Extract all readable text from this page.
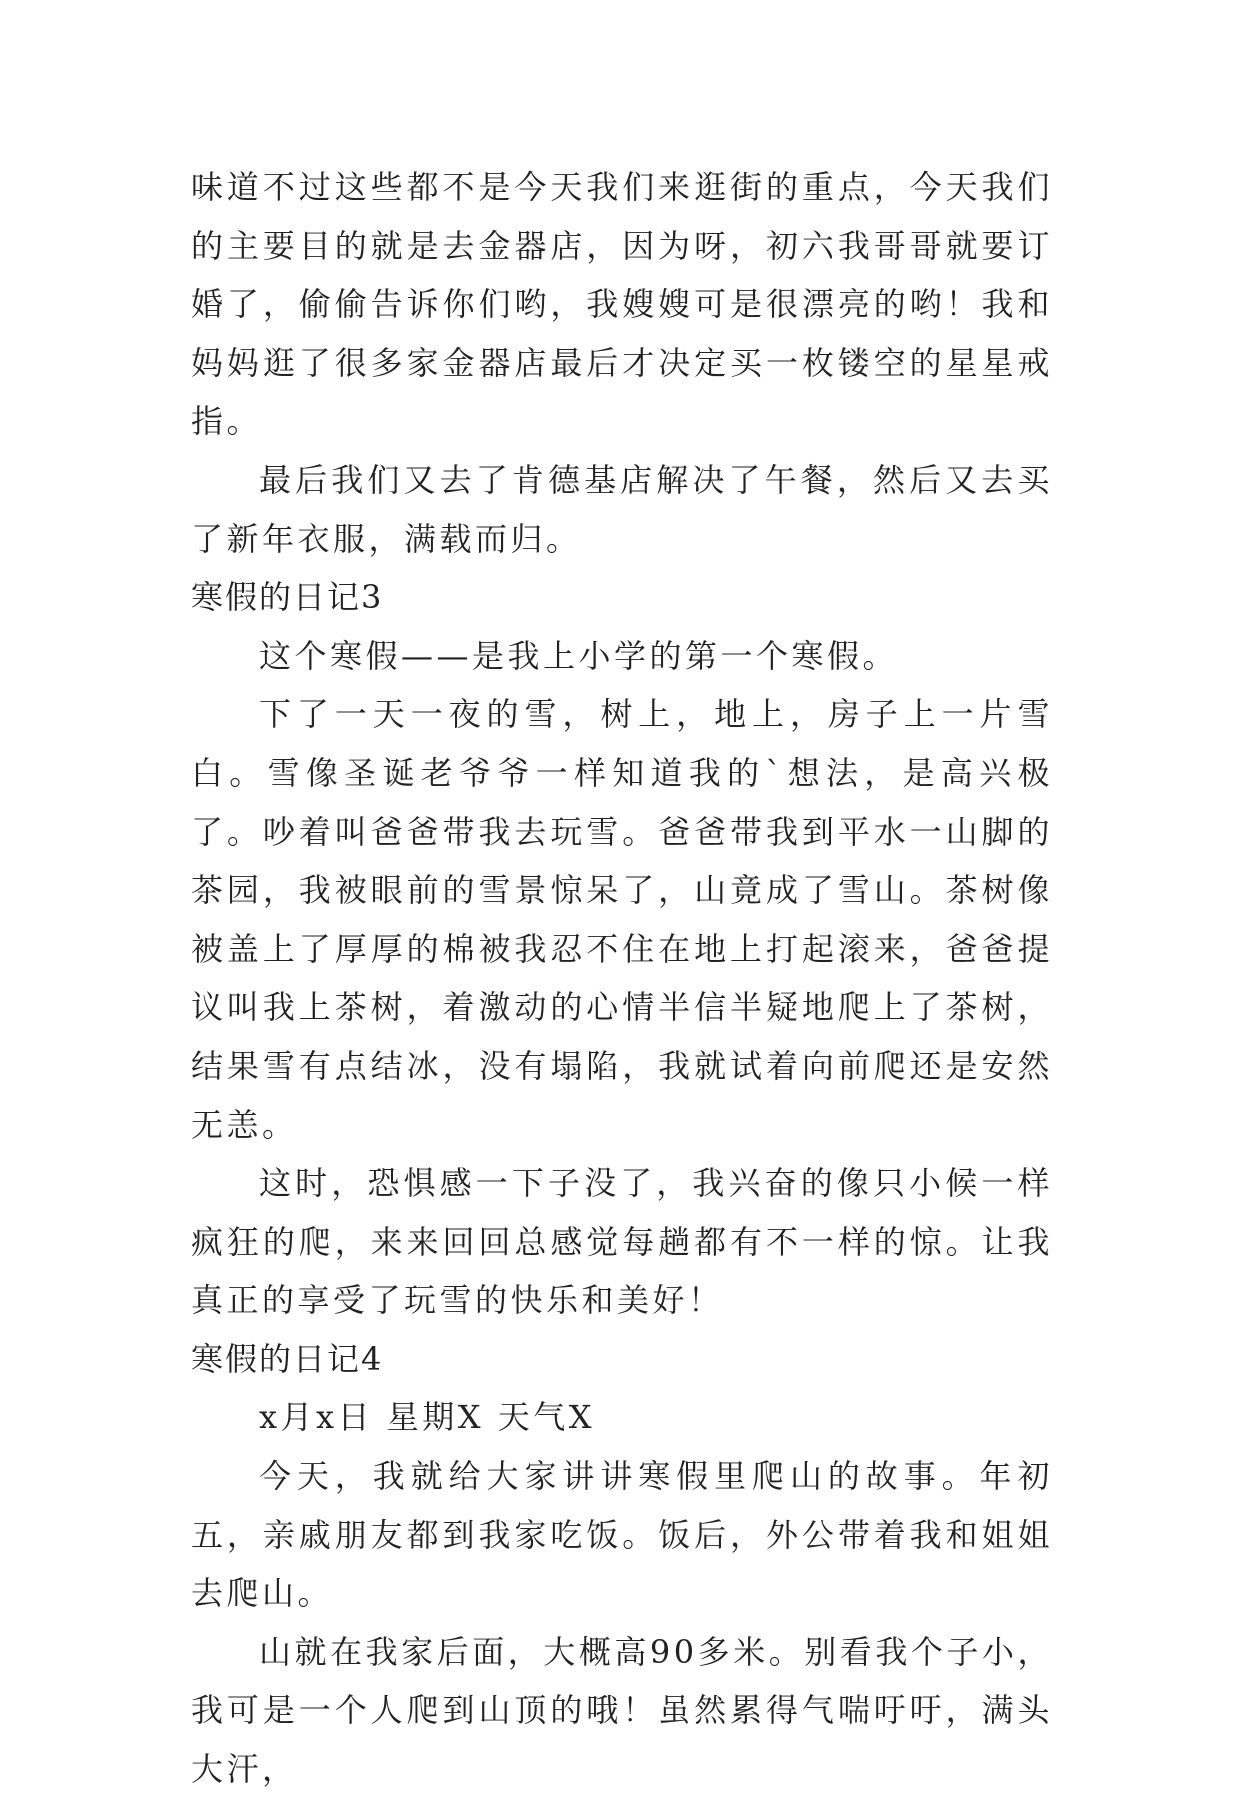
味道不过这些都不是今天我们来逛街的重点，今天我们的主要目的就是去金器店，因为呀，初六我哥哥就要订婚了，偷偷告诉你们哟，我嫂嫂可是很漂亮的哟！我和妈妈逛了很多家金器店最后才决定买一枚镂空的星星戒指。

最后我们又去了肯德基店解决了午餐，然后又去买了新年衣服，满载而归。

寒假的日记3

这个寒假——是我上小学的第一个寒假。

下了一天一夜的雪，树上，地上，房子上一片雪白。雪像圣诞老爷爷一样知道我的`想法，是高兴极了。吵着叫爸爸带我去玩雪。爸爸带我到平水一山脚的茶园，我被眼前的雪景惊呆了，山竟成了雪山。茶树像被盖上了厚厚的棉被我忍不住在地上打起滚来，爸爸提议叫我上茶树，着激动的心情半信半疑地爬上了茶树，结果雪有点结冰，没有塌陷，我就试着向前爬还是安然无恙。

这时，恐惧感一下子没了，我兴奋的像只小候一样疯狂的爬，来来回回总感觉每趟都有不一样的惊。让我真正的享受了玩雪的快乐和美好！

寒假的日记4

x月x日 星期X 天气X

今天，我就给大家讲讲寒假里爬山的故事。年初五，亲戚朋友都到我家吃饭。饭后，外公带着我和姐姐去爬山。

山就在我家后面，大概高90多米。别看我个子小，我可是一个人爬到山顶的哦！虽然累得气喘吁吁，满头大汗，
